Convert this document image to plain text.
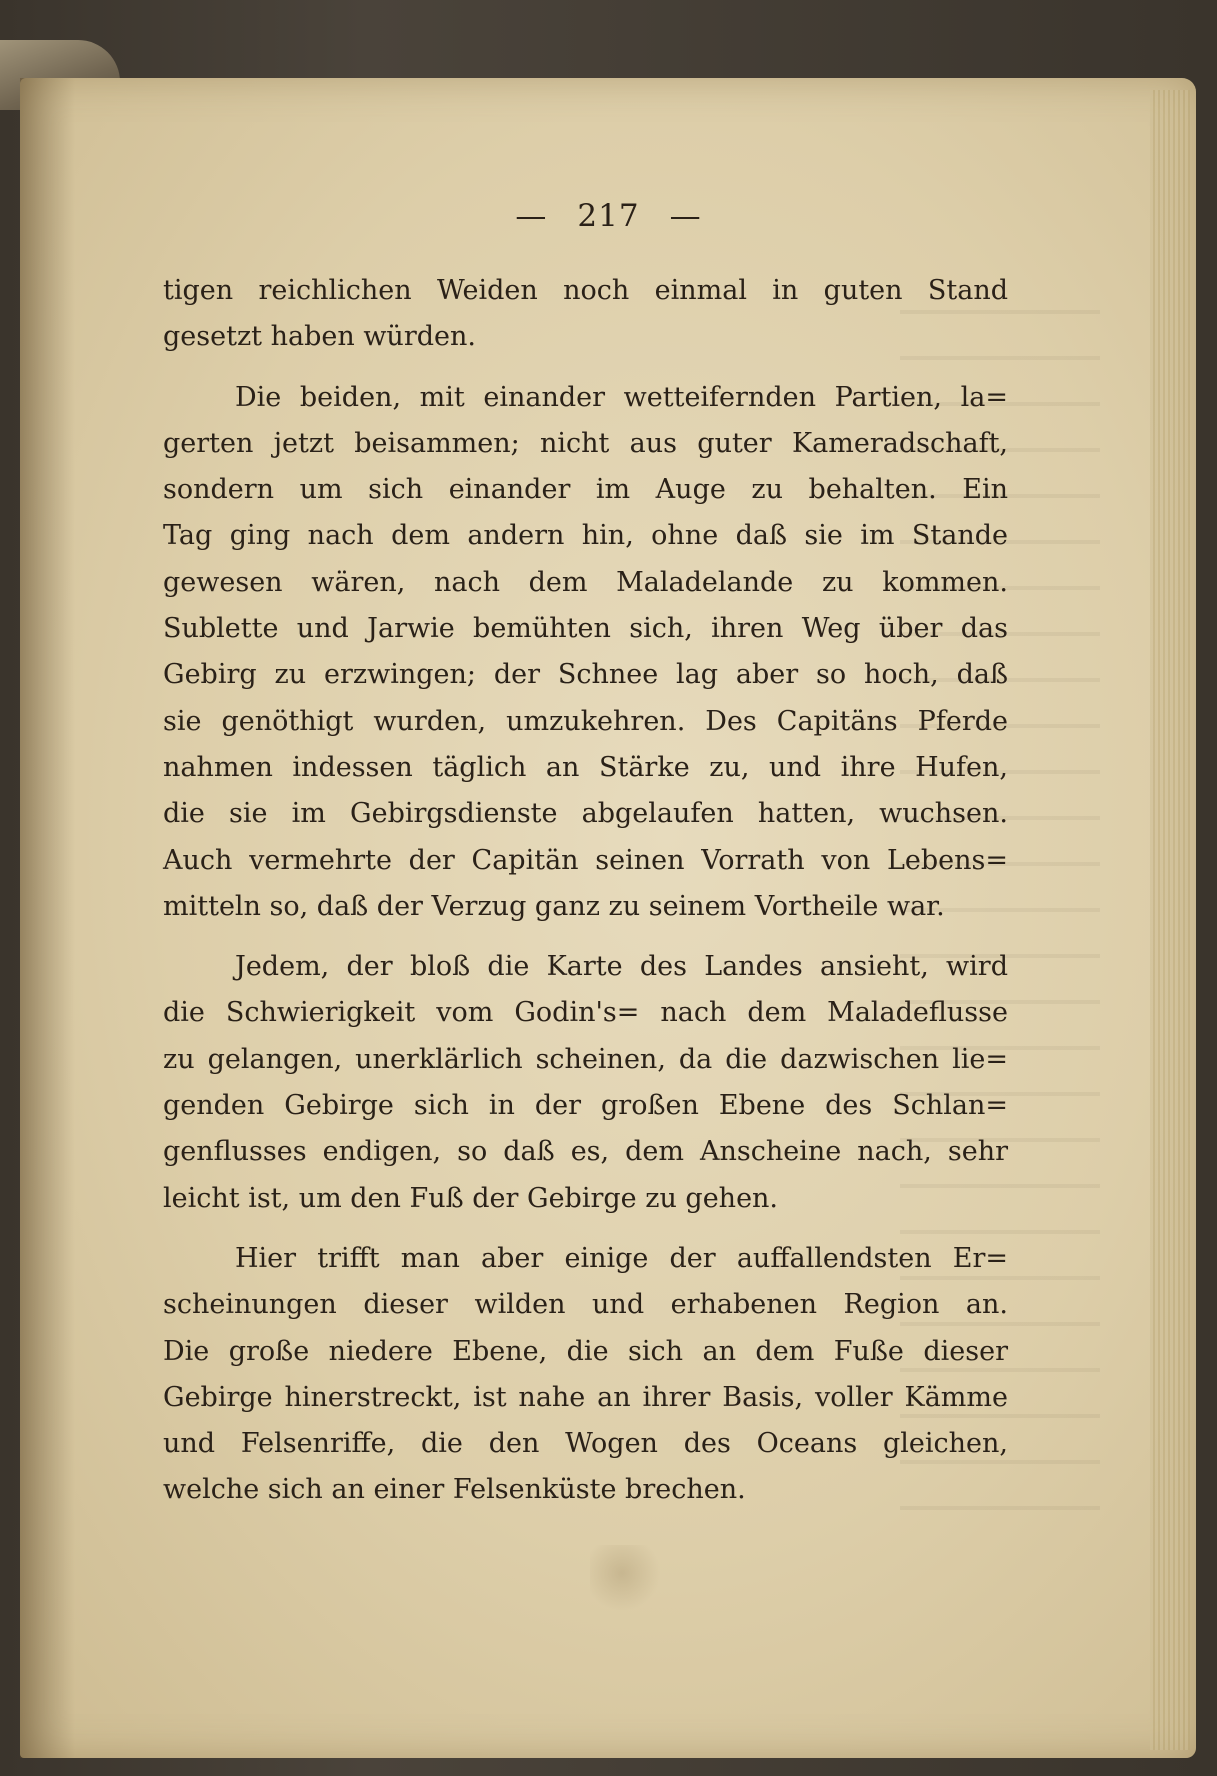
— 217 —
tigen reichlichen Weiden noch einmal in guten Stand
gesetzt haben würden.
Die beiden, mit einander wetteifernden Partien, la=
gerten jetzt beisammen; nicht aus guter Kameradschaft,
sondern um sich einander im Auge zu behalten. Ein
Tag ging nach dem andern hin, ohne daß sie im Stande
gewesen wären, nach dem Maladelande zu kommen.
Sublette und Jarwie bemühten sich, ihren Weg über das
Gebirg zu erzwingen; der Schnee lag aber so hoch, daß
sie genöthigt wurden, umzukehren. Des Capitäns Pferde
nahmen indessen täglich an Stärke zu, und ihre Hufen,
die sie im Gebirgsdienste abgelaufen hatten, wuchsen.
Auch vermehrte der Capitän seinen Vorrath von Lebens=
mitteln so, daß der Verzug ganz zu seinem Vortheile war.
Jedem, der bloß die Karte des Landes ansieht, wird
die Schwierigkeit vom Godin's= nach dem Maladeflusse
zu gelangen, unerklärlich scheinen, da die dazwischen lie=
genden Gebirge sich in der großen Ebene des Schlan=
genflusses endigen, so daß es, dem Anscheine nach, sehr
leicht ist, um den Fuß der Gebirge zu gehen.
Hier trifft man aber einige der auffallendsten Er=
scheinungen dieser wilden und erhabenen Region an.
Die große niedere Ebene, die sich an dem Fuße dieser
Gebirge hinerstreckt, ist nahe an ihrer Basis, voller Kämme
und Felsenriffe, die den Wogen des Oceans gleichen,
welche sich an einer Felsenküste brechen.
